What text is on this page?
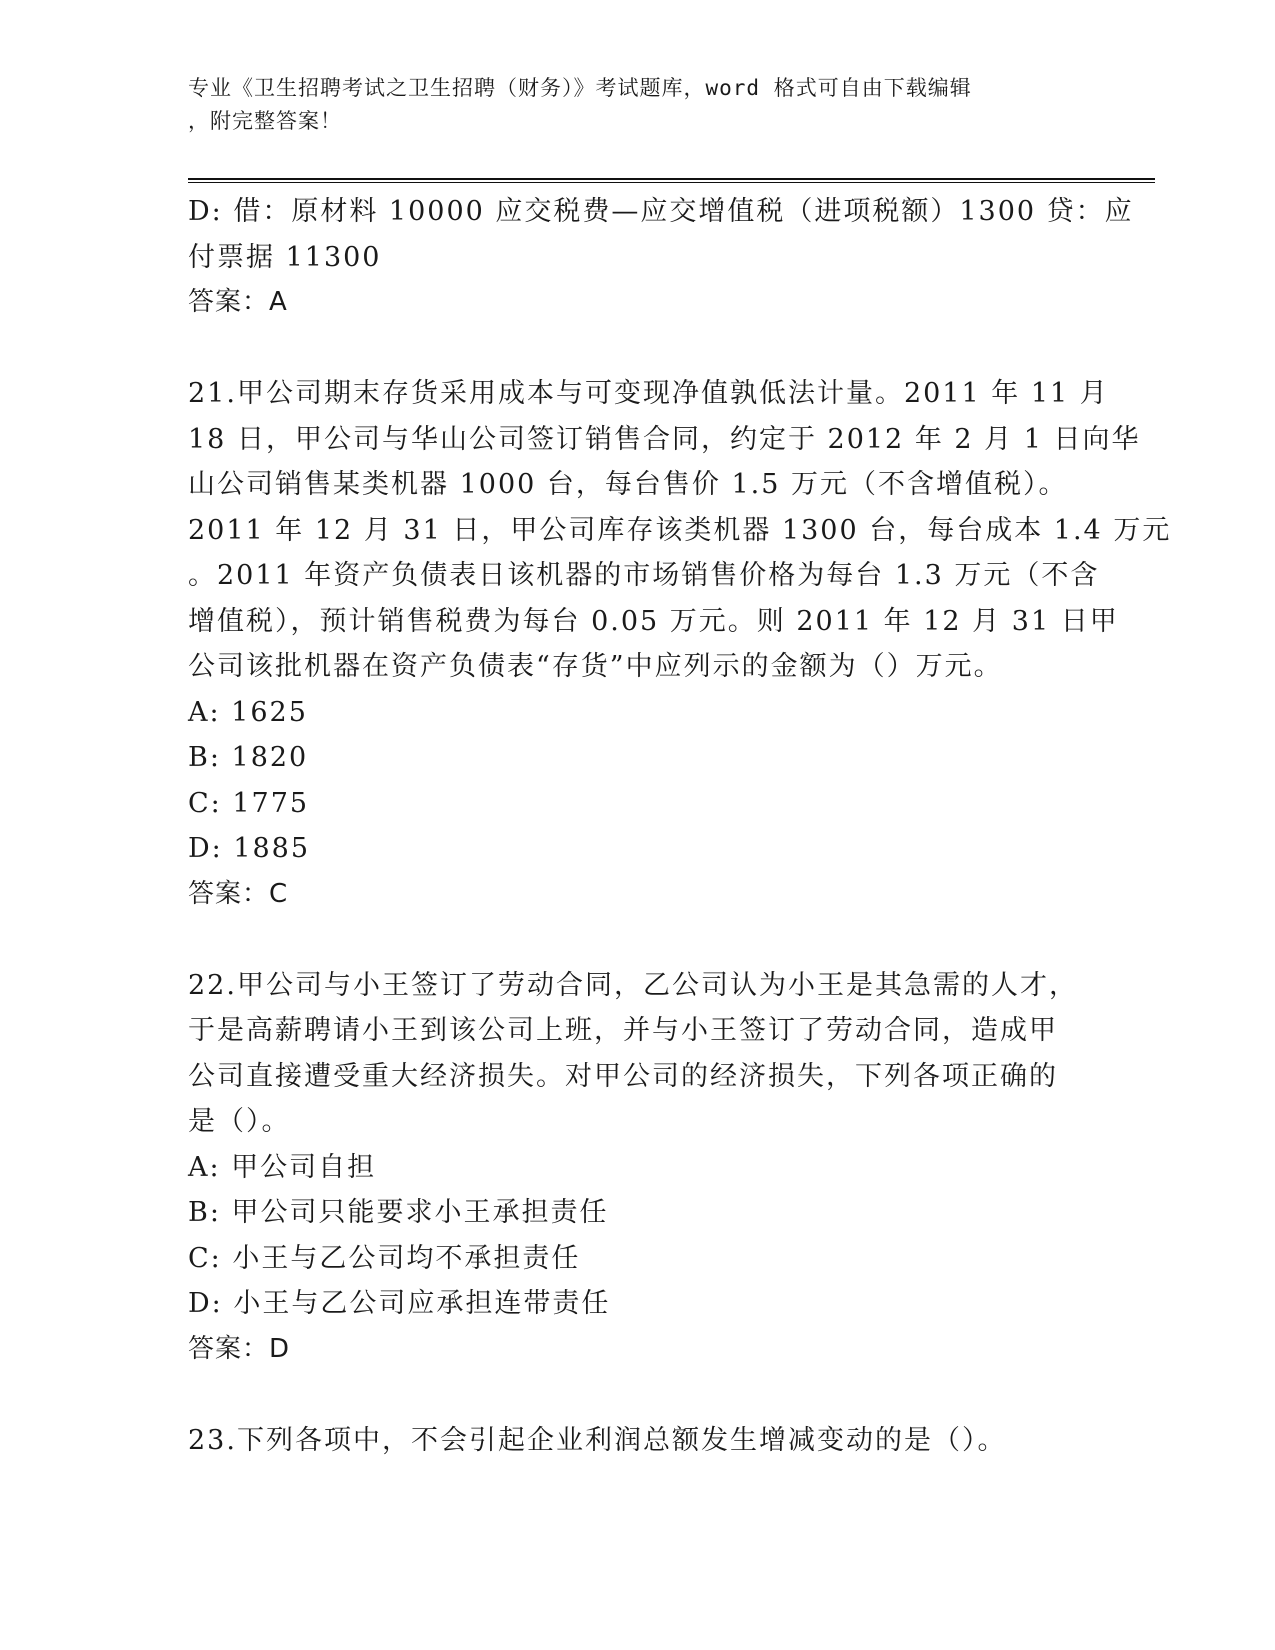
专业《卫生招聘考试之卫生招聘（财务）》考试题库，word 格式可自由下载编辑
，附完整答案！
D: 借：原材料 10000 应交税费—应交增值税（进项税额）1300 贷：应
付票据 11300
答案：A
21.甲公司期末存货采用成本与可变现净值孰低法计量。2011 年 11 月
18 日，甲公司与华山公司签订销售合同，约定于 2012 年 2 月 1 日向华
山公司销售某类机器 1000 台，每台售价 1.5 万元（不含增值税）。
2011 年 12 月 31 日，甲公司库存该类机器 1300 台，每台成本 1.4 万元
。2011 年资产负债表日该机器的市场销售价格为每台 1.3 万元（不含
增值税），预计销售税费为每台 0.05 万元。则 2011 年 12 月 31 日甲
公司该批机器在资产负债表“存货”中应列示的金额为（）万元。
A: 1625
B: 1820
C: 1775
D: 1885
答案：C
22.甲公司与小王签订了劳动合同，乙公司认为小王是其急需的人才，
于是高薪聘请小王到该公司上班，并与小王签订了劳动合同，造成甲
公司直接遭受重大经济损失。对甲公司的经济损失，下列各项正确的
是（）。
A: 甲公司自担
B: 甲公司只能要求小王承担责任
C: 小王与乙公司均不承担责任
D: 小王与乙公司应承担连带责任
答案：D
23.下列各项中，不会引起企业利润总额发生增减变动的是（）。
